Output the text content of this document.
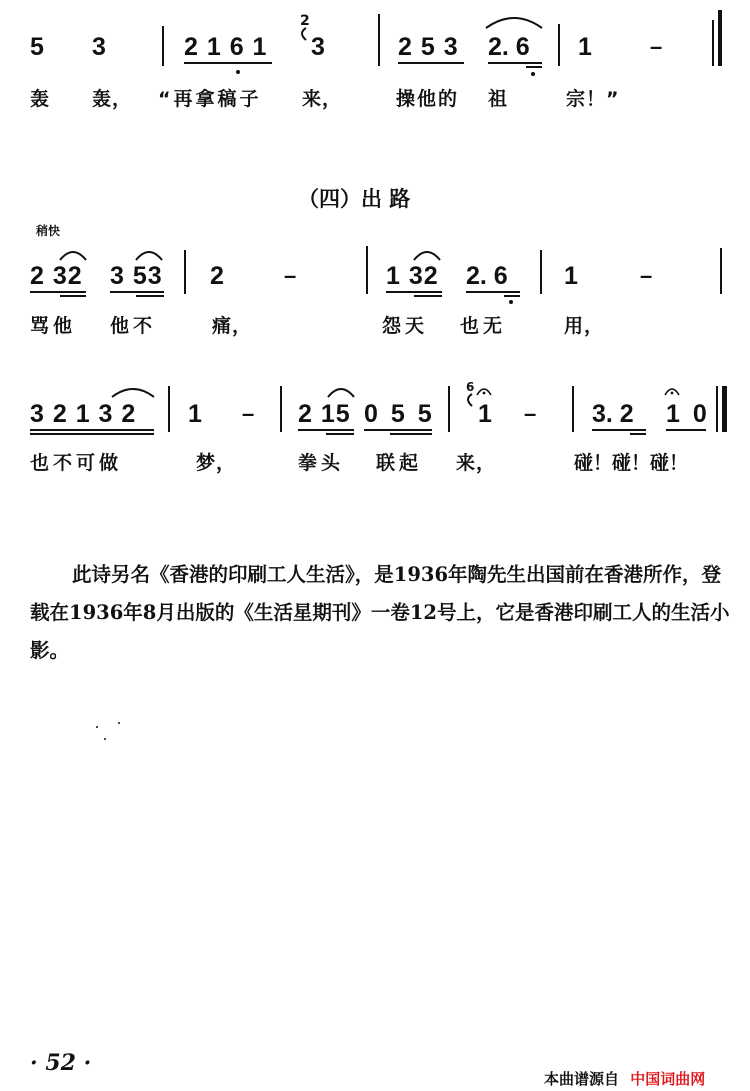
5 3	2 1 6 1
2
3	2 5 3 2. 6 1	–
轰 轰， “再拿稿子 来，	操他的 祖	宗！”
（四）出 路
稍快
2 32 3 53 2	–	1 32 2. 6 1	–
骂他 他不	痛，	怨天 也无	用，
3 2 1 3 2 1 – 2 15 0 5 5
6
1 – 3. 2 1 0
也不可做	梦，	拳头 联起 来，	碰！碰！碰！
此诗另名《香港的印刷工人生活》，是1936年陶先生出国前在香港所作，登载在1936年8月出版的《生活星期刊》一卷12号上，它是香港印刷工人的生活小影。
· 52 ·
本曲谱源自 中国词曲网
